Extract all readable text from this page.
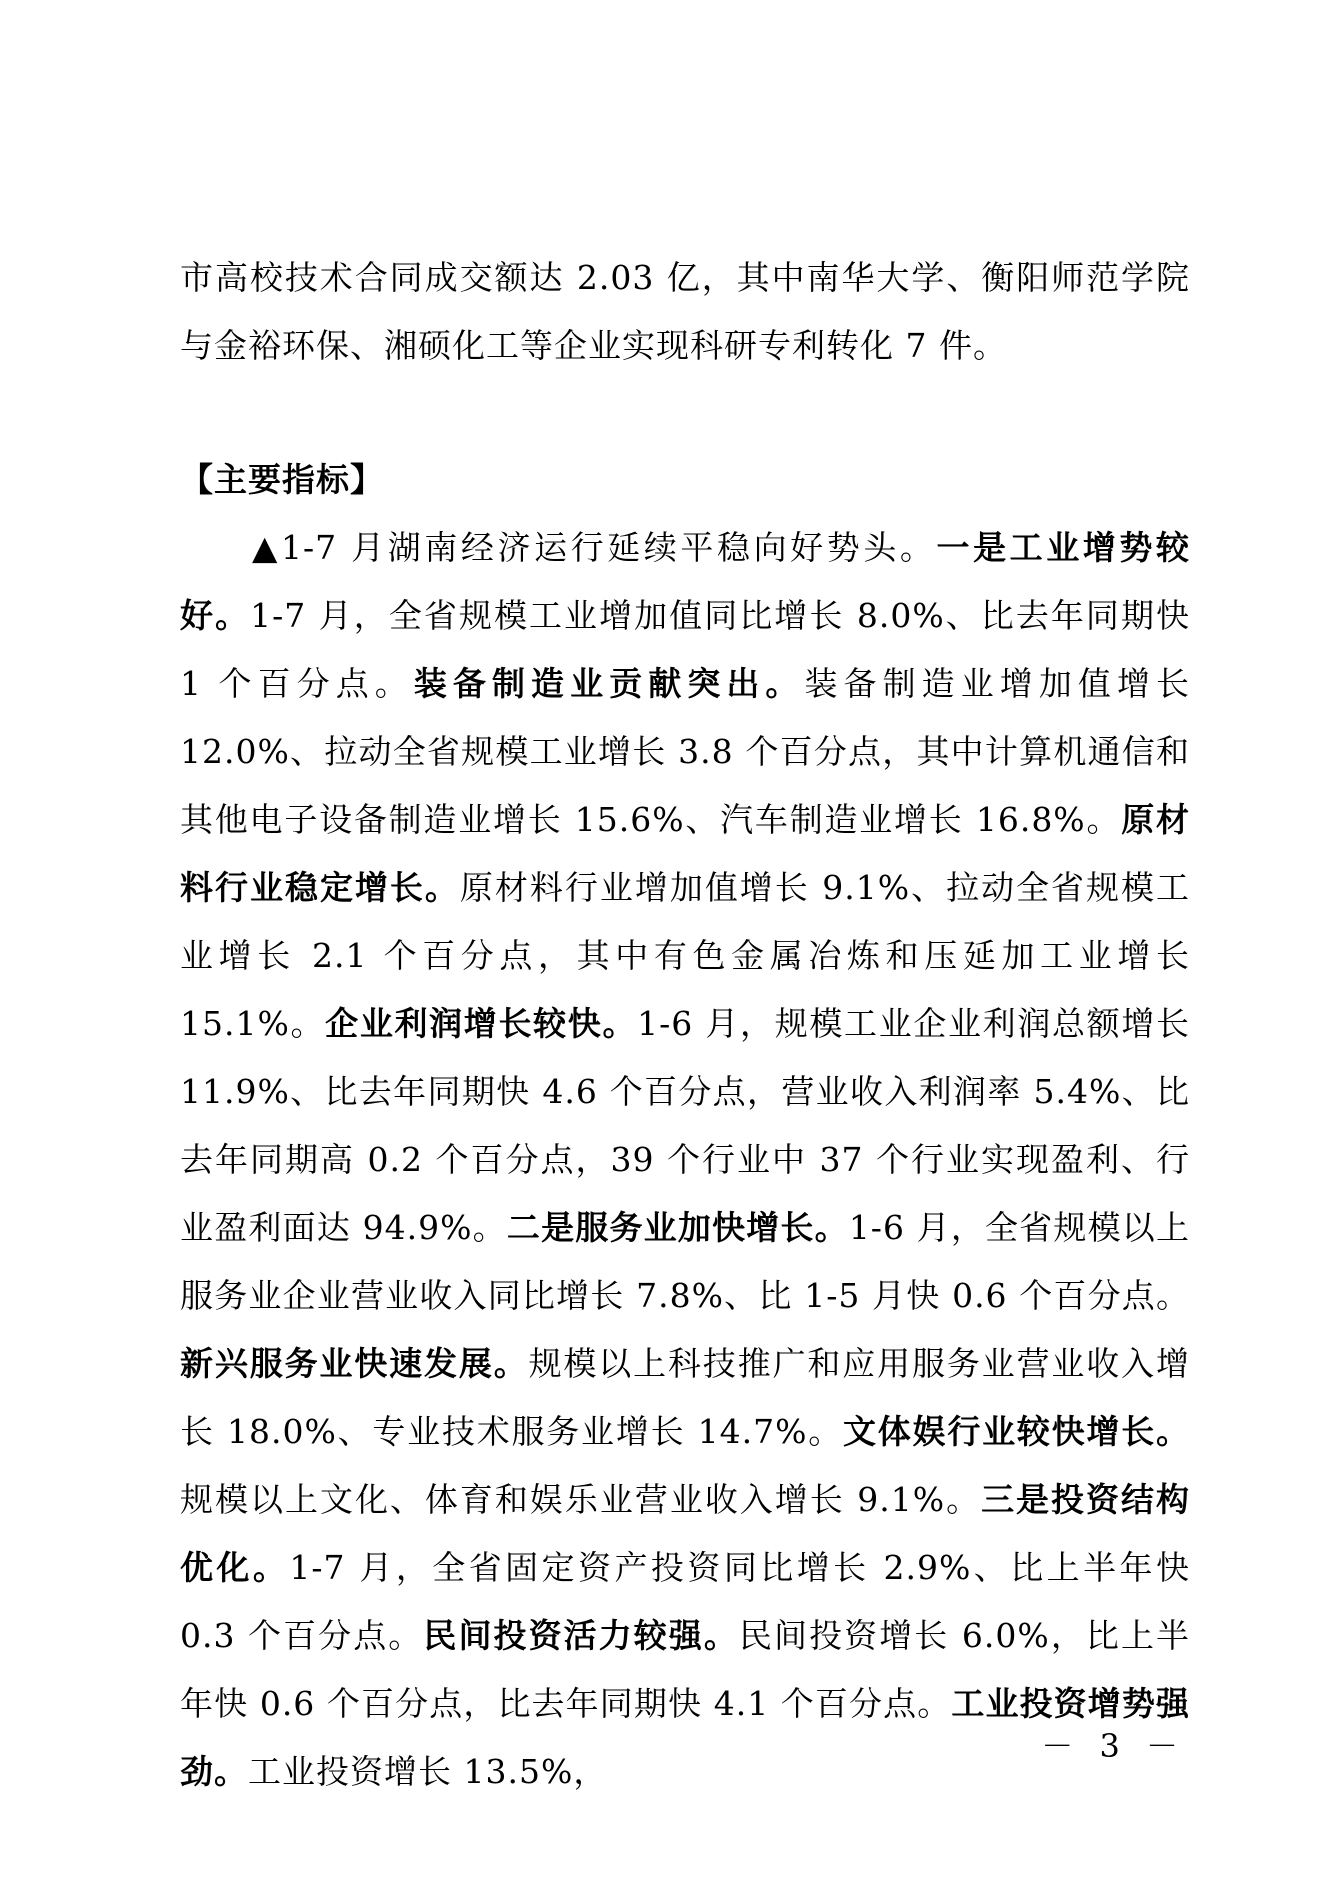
市高校技术合同成交额达 2.03 亿，其中南华大学、衡阳师范学院与金裕环保、湘硕化工等企业实现科研专利转化 7 件。
【主要指标】
▲1-7 月湖南经济运行延续平稳向好势头。一是工业增势较好。1-7 月，全省规模工业增加值同比增长 8.0%、比去年同期快 1 个百分点。装备制造业贡献突出。装备制造业增加值增长 12.0%、拉动全省规模工业增长 3.8 个百分点，其中计算机通信和其他电子设备制造业增长 15.6%、汽车制造业增长 16.8%。原材料行业稳定增长。原材料行业增加值增长 9.1%、拉动全省规模工业增长 2.1 个百分点，其中有色金属冶炼和压延加工业增长 15.1%。企业利润增长较快。1-6 月，规模工业企业利润总额增长 11.9%、比去年同期快 4.6 个百分点，营业收入利润率 5.4%、比去年同期高 0.2 个百分点，39 个行业中 37 个行业实现盈利、行业盈利面达 94.9%。二是服务业加快增长。1-6 月，全省规模以上服务业企业营业收入同比增长 7.8%、比 1-5 月快 0.6 个百分点。新兴服务业快速发展。规模以上科技推广和应用服务业营业收入增长 18.0%、专业技术服务业增长 14.7%。文体娱行业较快增长。规模以上文化、体育和娱乐业营业收入增长 9.1%。三是投资结构优化。1-7 月，全省固定资产投资同比增长 2.9%、比上半年快 0.3 个百分点。民间投资活力较强。民间投资增长 6.0%，比上半年快 0.6 个百分点，比去年同期快 4.1 个百分点。工业投资增势强劲。工业投资增长 13.5%，
－ 3 －
